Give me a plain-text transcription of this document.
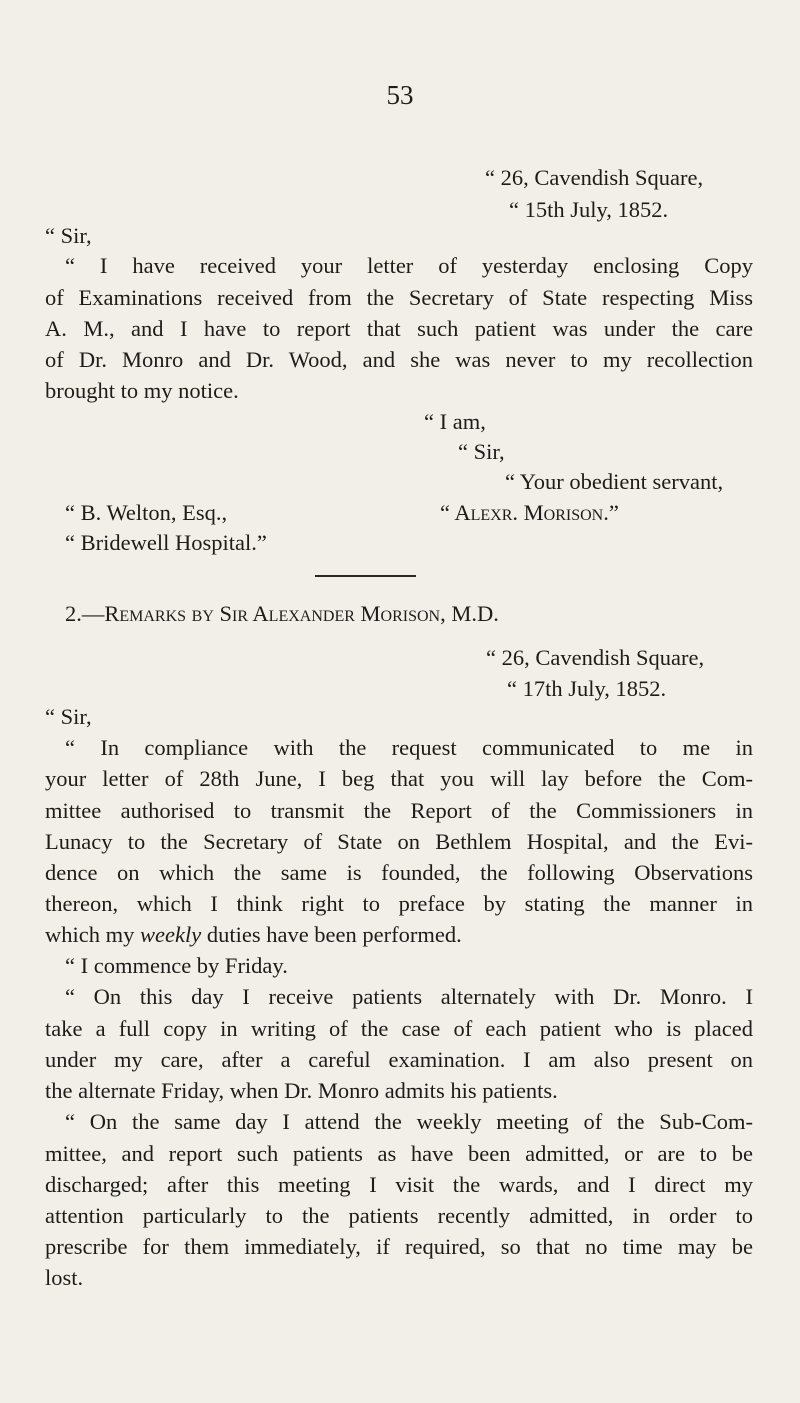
53
“ 26, Cavendish Square,
“ 15th July, 1852.
“ Sir,
“ I have received your letter of yesterday enclosing Copy
of Examinations received from the Secretary of State respecting Miss
A. M., and I have to report that such patient was under the care
of Dr. Monro and Dr. Wood, and she was never to my recollection
brought to my notice.
“ I am,
“ Sir,
“ Your obedient servant,
“ B. Welton, Esq.,	“ Alexr. Morison.”
“ Bridewell Hospital.”
2.—Remarks by Sir Alexander Morison, M.D.
“ 26, Cavendish Square,
“ 17th July, 1852.
“ Sir,
“ In compliance with the request communicated to me in
your letter of 28th June, I beg that you will lay before the Com-
mittee authorised to transmit the Report of the Commissioners in
Lunacy to the Secretary of State on Bethlem Hospital, and the Evi-
dence on which the same is founded, the following Observations
thereon, which I think right to preface by stating the manner in
which my weekly duties have been performed.
“ I commence by Friday.
“ On this day I receive patients alternately with Dr. Monro. I
take a full copy in writing of the case of each patient who is placed
under my care, after a careful examination. I am also present on
the alternate Friday, when Dr. Monro admits his patients.
“ On the same day I attend the weekly meeting of the Sub-Com-
mittee, and report such patients as have been admitted, or are to be
discharged; after this meeting I visit the wards, and I direct my
attention particularly to the patients recently admitted, in order to
prescribe for them immediately, if required, so that no time may be
lost.
